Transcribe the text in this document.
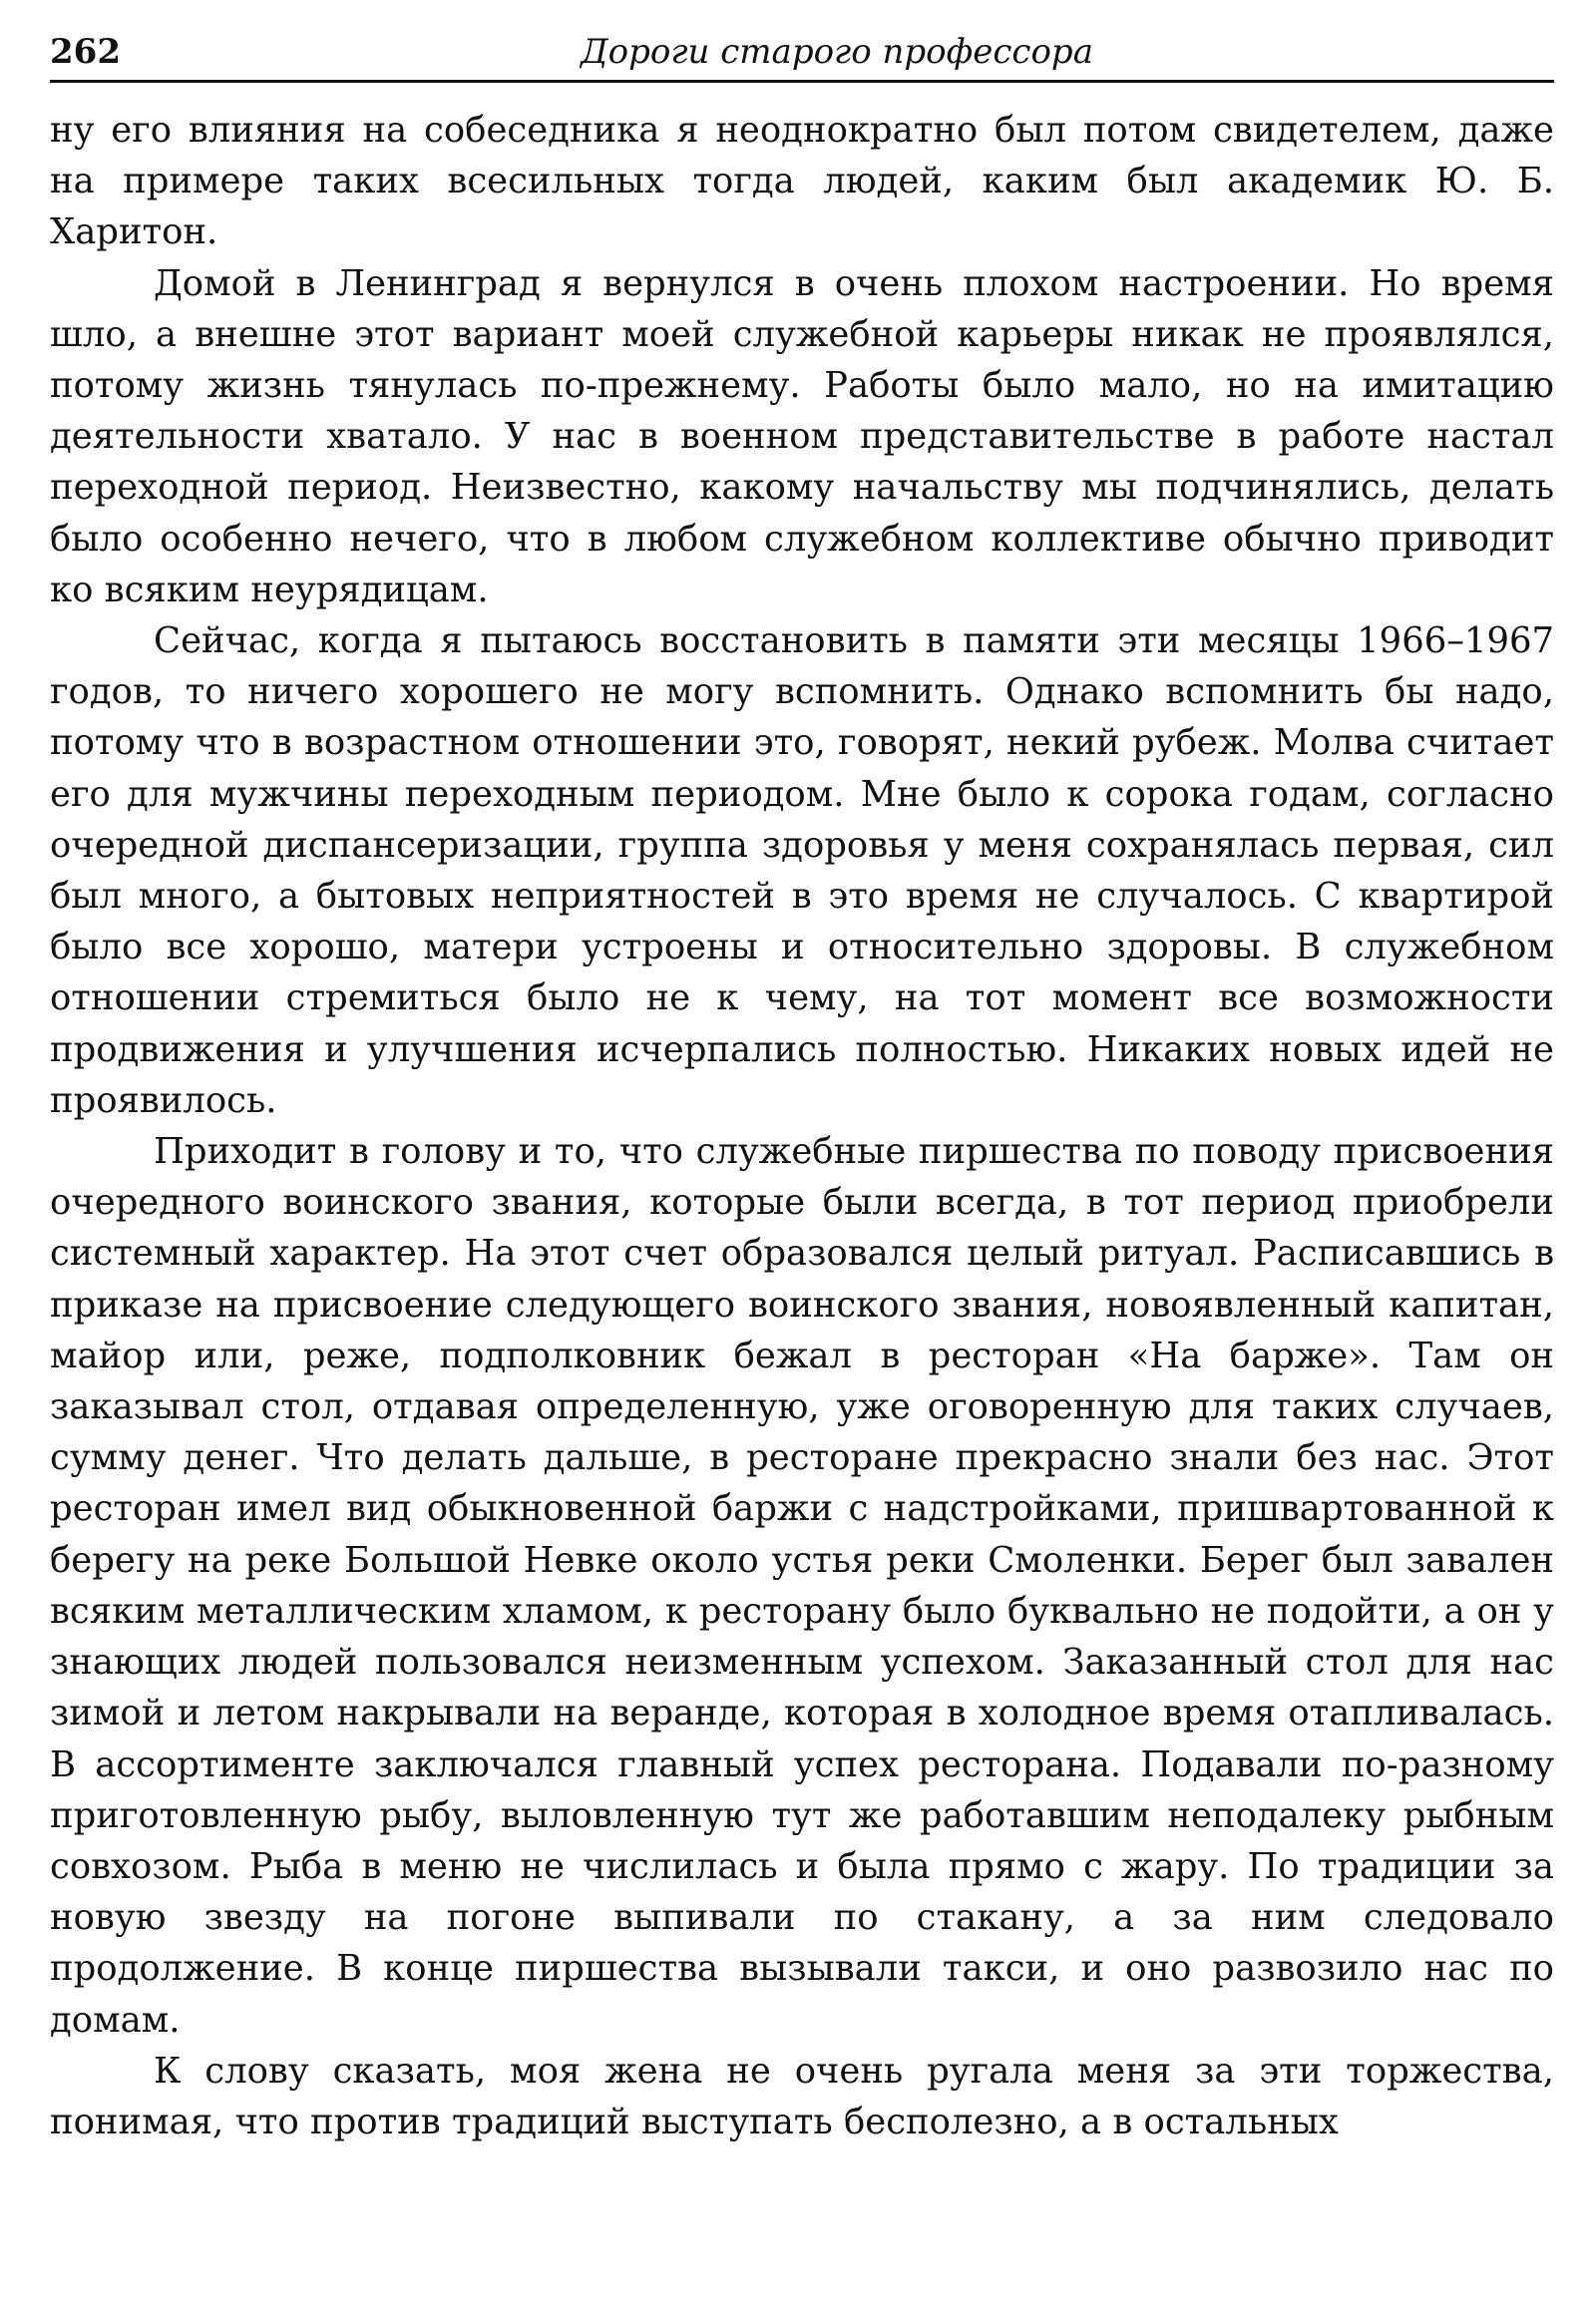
262	Дороги старого профессора

ну его влияния на собеседника я неоднократно был потом свидетелем, даже на примере таких всесильных тогда людей, каким был академик Ю. Б. Харитон.

Домой в Ленинград я вернулся в очень плохом настроении. Но время шло, а внешне этот вариант моей служебной карьеры никак не проявлялся, потому жизнь тянулась по-прежнему. Работы было мало, но на имитацию деятельности хватало. У нас в военном представительстве в работе настал переходной период. Неизвестно, какому начальству мы подчинялись, делать было особенно нечего, что в любом служебном коллективе обычно приводит ко всяким неурядицам.

Сейчас, когда я пытаюсь восстановить в памяти эти месяцы 1966–1967 годов, то ничего хорошего не могу вспомнить. Однако вспомнить бы надо, потому что в возрастном отношении это, говорят, некий рубеж. Молва считает его для мужчины переходным периодом. Мне было к сорока годам, согласно очередной диспансеризации, группа здоровья у меня сохранялась первая, сил был много, а бытовых неприятностей в это время не случалось. С квартирой было все хорошо, матери устроены и относительно здоровы. В служебном отношении стремиться было не к чему, на тот момент все возможности продвижения и улучшения исчерпались полностью. Никаких новых идей не проявилось.

Приходит в голову и то, что служебные пиршества по поводу присвоения очередного воинского звания, которые были всегда, в тот период приобрели системный характер. На этот счет образовался целый ритуал. Расписавшись в приказе на присвоение следующего воинского звания, новоявленный капитан, майор или, реже, подполковник бежал в ресторан «На барже». Там он заказывал стол, отдавая определенную, уже оговоренную для таких случаев, сумму денег. Что делать дальше, в ресторане прекрасно знали без нас. Этот ресторан имел вид обыкновенной баржи с надстройками, пришвартованной к берегу на реке Большой Невке около устья реки Смоленки. Берег был завален всяким металлическим хламом, к ресторану было буквально не подойти, а он у знающих людей пользовался неизменным успехом. Заказанный стол для нас зимой и летом накрывали на веранде, которая в холодное время отапливалась. В ассортименте заключался главный успех ресторана. Подавали по-разному приготовленную рыбу, выловленную тут же работавшим неподалеку рыбным совхозом. Рыба в меню не числилась и была прямо с жару. По традиции за новую звезду на погоне выпивали по стакану, а за ним следовало продолжение. В конце пиршества вызывали такси, и оно развозило нас по домам.

К слову сказать, моя жена не очень ругала меня за эти торжества, понимая, что против традиций выступать бесполезно, а в остальных
